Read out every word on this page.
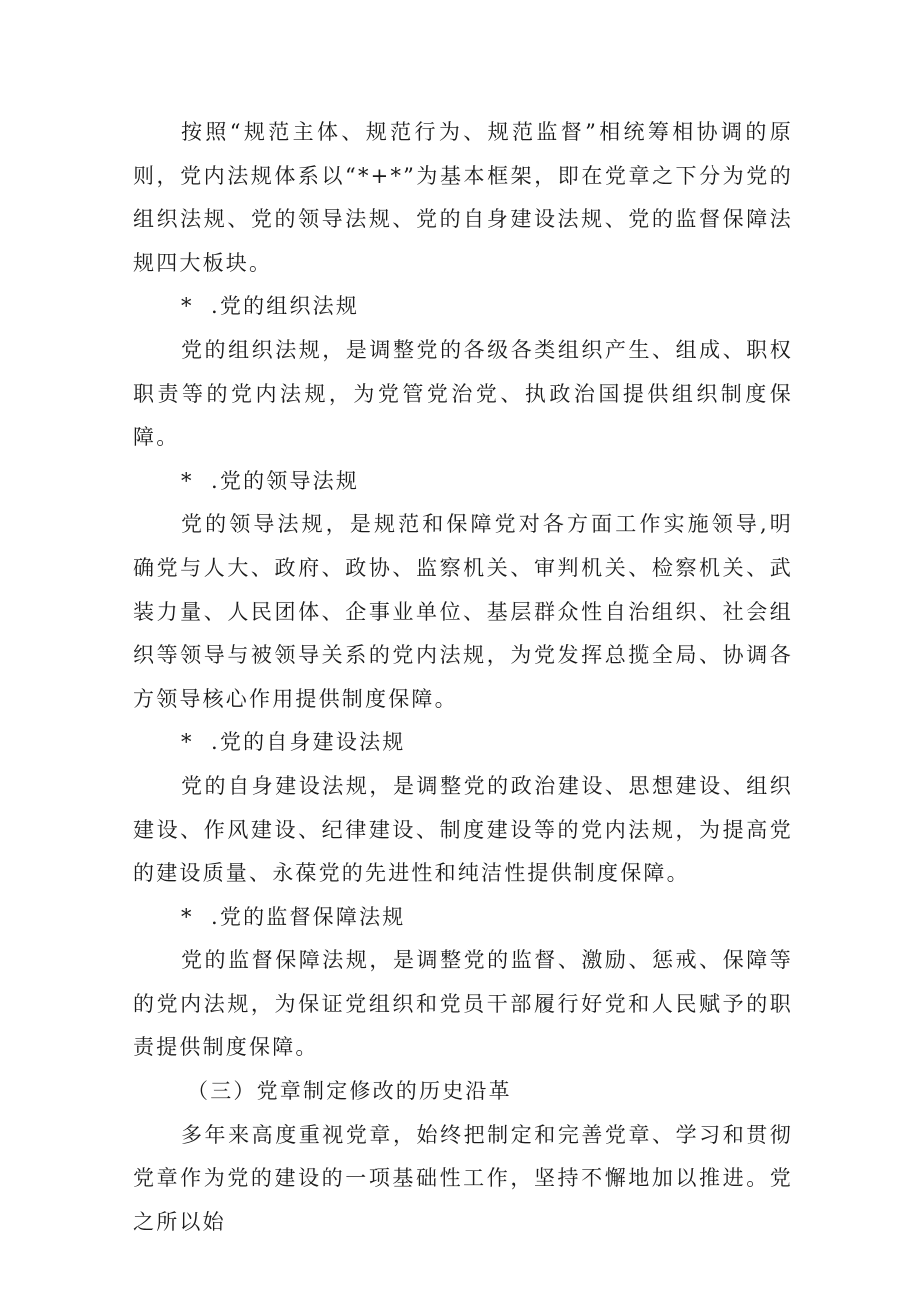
按照“规范主体、规范行为、规范监督”相统筹相协调的原则，党内法规体系以“*+*”为基本框架，即在党章之下分为党的组织法规、党的领导法规、党的自身建设法规、党的监督保障法规四大板块。

* .党的组织法规

党的组织法规，是调整党的各级各类组织产生、组成、职权职责等的党内法规，为党管党治党、执政治国提供组织制度保障。

* .党的领导法规

党的领导法规，是规范和保障党对各方面工作实施领导,明确党与人大、政府、政协、监察机关、审判机关、检察机关、武装力量、人民团体、企事业单位、基层群众性自治组织、社会组织等领导与被领导关系的党内法规，为党发挥总揽全局、协调各方领导核心作用提供制度保障。

* .党的自身建设法规

党的自身建设法规，是调整党的政治建设、思想建设、组织建设、作风建设、纪律建设、制度建设等的党内法规，为提高党的建设质量、永葆党的先进性和纯洁性提供制度保障。

* .党的监督保障法规

党的监督保障法规，是调整党的监督、激励、惩戒、保障等的党内法规，为保证党组织和党员干部履行好党和人民赋予的职责提供制度保障。

（三）党章制定修改的历史沿革

多年来高度重视党章，始终把制定和完善党章、学习和贯彻党章作为党的建设的一项基础性工作，坚持不懈地加以推进。党之所以始
